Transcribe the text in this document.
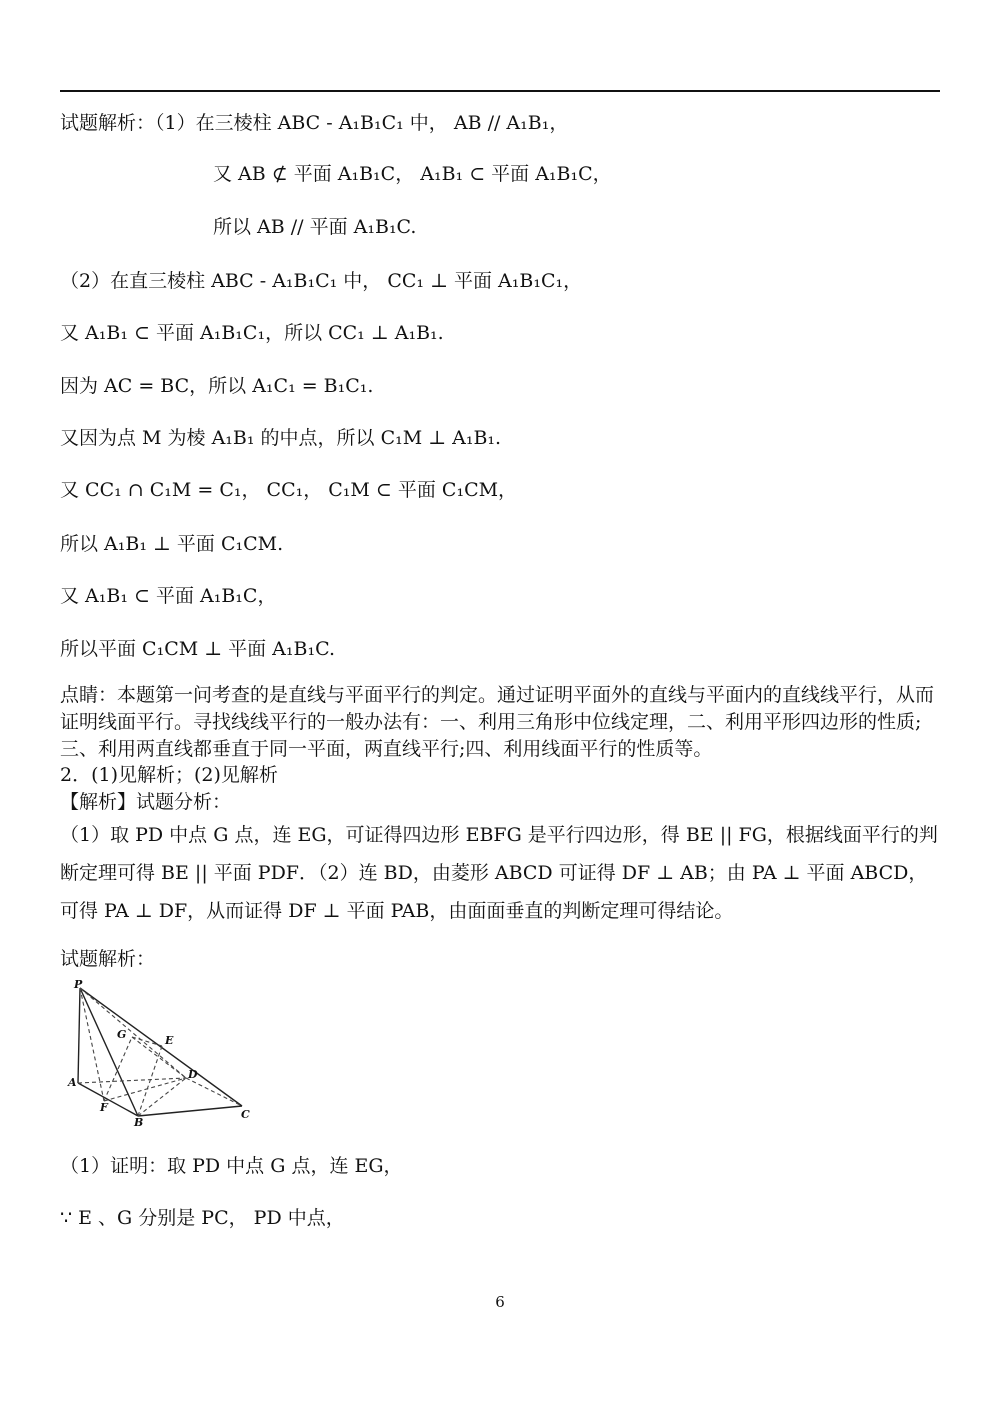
试题解析：（1）在三棱柱 ABC - A₁B₁C₁ 中， AB // A₁B₁，
又 AB ⊄ 平面 A₁B₁C， A₁B₁ ⊂ 平面 A₁B₁C，
所以 AB // 平面 A₁B₁C.
（2）在直三棱柱 ABC - A₁B₁C₁ 中， CC₁ ⊥ 平面 A₁B₁C₁，
又 A₁B₁ ⊂ 平面 A₁B₁C₁，所以 CC₁ ⊥ A₁B₁.
因为 AC = BC，所以 A₁C₁ = B₁C₁.
又因为点 M 为棱 A₁B₁ 的中点，所以 C₁M ⊥ A₁B₁.
又 CC₁ ∩ C₁M = C₁， CC₁， C₁M ⊂ 平面 C₁CM，
所以 A₁B₁ ⊥ 平面 C₁CM.
又 A₁B₁ ⊂ 平面 A₁B₁C，
所以平面 C₁CM ⊥ 平面 A₁B₁C.
点睛：本题第一问考查的是直线与平面平行的判定。通过证明平面外的直线与平面内的直线线平行，从而证明线面平行。寻找线线平行的一般办法有：一、利用三角形中位线定理，二、利用平形四边形的性质;三、利用两直线都垂直于同一平面，两直线平行;四、利用线面平行的性质等。
2．(1)见解析；(2)见解析
【解析】试题分析：
（1）取 PD 中点 G 点，连 EG，可证得四边形 EBFG 是平行四边形，得 BE || FG，根据线面平行的判断定理可得 BE || 平面 PDF．（2）连 BD，由菱形 ABCD 可证得 DF ⊥ AB；由 PA ⊥ 平面 ABCD，可得 PA ⊥ DF，从而证得 DF ⊥ 平面 PAB，由面面垂直的判断定理可得结论。
试题解析：
P
G	E
A
D
F
B
C
（1）证明：取 PD 中点 G 点，连 EG，
∵ E 、G 分别是 PC， PD 中点，
6
